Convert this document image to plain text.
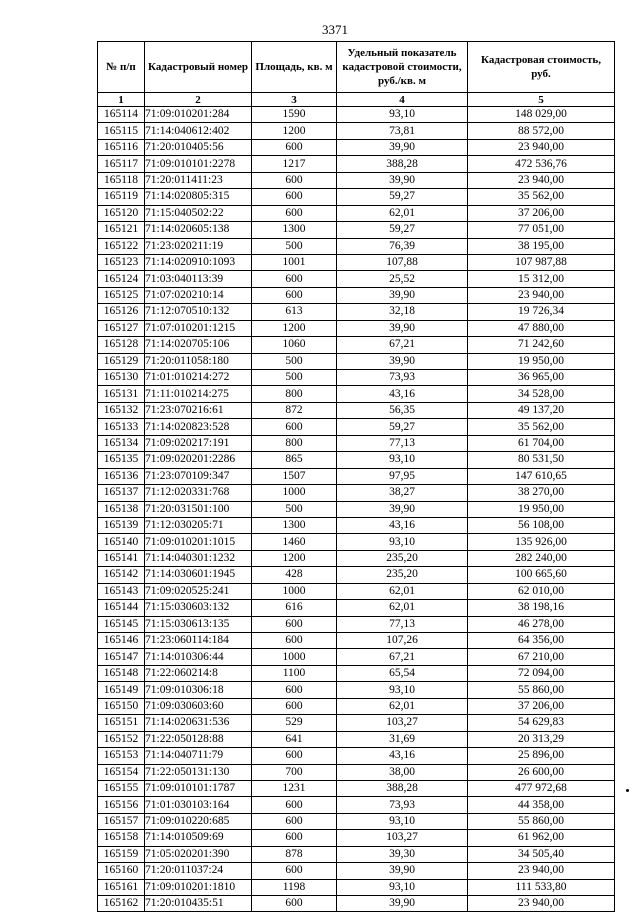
3371
№ п/п	Кадастровый номер	Площадь, кв. м	Удельный показатель кадастровой стоимости, руб./кв. м	Кадастровая стоимость, руб.
1	2	3	4	5
165114	71:09:010201:284	1590	93,10	148 029,00
165115	71:14:040612:402	1200	73,81	88 572,00
165116	71:20:010405:56	600	39,90	23 940,00
165117	71:09:010101:2278	1217	388,28	472 536,76
165118	71:20:011411:23	600	39,90	23 940,00
165119	71:14:020805:315	600	59,27	35 562,00
165120	71:15:040502:22	600	62,01	37 206,00
165121	71:14:020605:138	1300	59,27	77 051,00
165122	71:23:020211:19	500	76,39	38 195,00
165123	71:14:020910:1093	1001	107,88	107 987,88
165124	71:03:040113:39	600	25,52	15 312,00
165125	71:07:020210:14	600	39,90	23 940,00
165126	71:12:070510:132	613	32,18	19 726,34
165127	71:07:010201:1215	1200	39,90	47 880,00
165128	71:14:020705:106	1060	67,21	71 242,60
165129	71:20:011058:180	500	39,90	19 950,00
165130	71:01:010214:272	500	73,93	36 965,00
165131	71:11:010214:275	800	43,16	34 528,00
165132	71:23:070216:61	872	56,35	49 137,20
165133	71:14:020823:528	600	59,27	35 562,00
165134	71:09:020217:191	800	77,13	61 704,00
165135	71:09:020201:2286	865	93,10	80 531,50
165136	71:23:070109:347	1507	97,95	147 610,65
165137	71:12:020331:768	1000	38,27	38 270,00
165138	71:20:031501:100	500	39,90	19 950,00
165139	71:12:030205:71	1300	43,16	56 108,00
165140	71:09:010201:1015	1460	93,10	135 926,00
165141	71:14:040301:1232	1200	235,20	282 240,00
165142	71:14:030601:1945	428	235,20	100 665,60
165143	71:09:020525:241	1000	62,01	62 010,00
165144	71:15:030603:132	616	62,01	38 198,16
165145	71:15:030613:135	600	77,13	46 278,00
165146	71:23:060114:184	600	107,26	64 356,00
165147	71:14:010306:44	1000	67,21	67 210,00
165148	71:22:060214:8	1100	65,54	72 094,00
165149	71:09:010306:18	600	93,10	55 860,00
165150	71:09:030603:60	600	62,01	37 206,00
165151	71:14:020631:536	529	103,27	54 629,83
165152	71:22:050128:88	641	31,69	20 313,29
165153	71:14:040711:79	600	43,16	25 896,00
165154	71:22:050131:130	700	38,00	26 600,00
165155	71:09:010101:1787	1231	388,28	477 972,68
165156	71:01:030103:164	600	73,93	44 358,00
165157	71:09:010220:685	600	93,10	55 860,00
165158	71:14:010509:69	600	103,27	61 962,00
165159	71:05:020201:390	878	39,30	34 505,40
165160	71:20:011037:24	600	39,90	23 940,00
165161	71:09:010201:1810	1198	93,10	111 533,80
165162	71:20:010435:51	600	39,90	23 940,00
